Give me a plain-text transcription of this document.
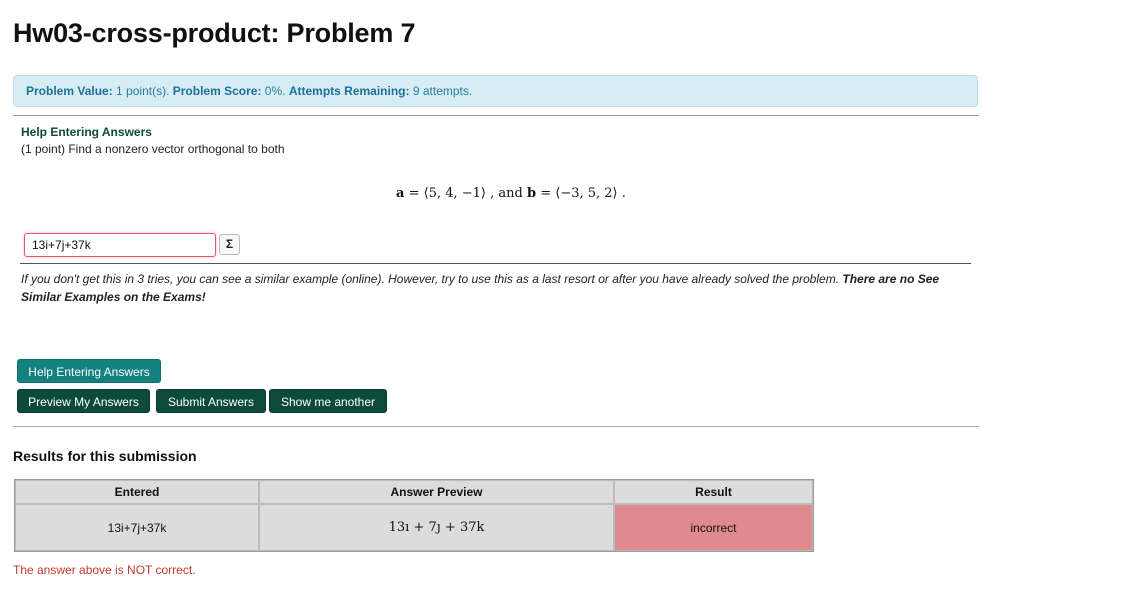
Hw03-cross-product: Problem 7
Problem Value: 1 point(s). Problem Score: 0%. Attempts Remaining: 9 attempts.
Help Entering Answers
(1 point) Find a nonzero vector orthogonal to both
a = ⟨5, 4, −1⟩ , and b = ⟨−3, 5, 2⟩ .
13i+7j+37k
Σ
If you don't get this in 3 tries, you can see a similar example (online). However, try to use this as a last resort or after you have already solved the problem. There are no See Similar Examples on the Exams!
Help Entering Answers
Preview My Answers	Submit Answers	Show me another
Results for this submission
Entered	Answer Preview	Result
13i+7j+37k	13ı + 7ȷ + 37k	incorrect
The answer above is NOT correct.
